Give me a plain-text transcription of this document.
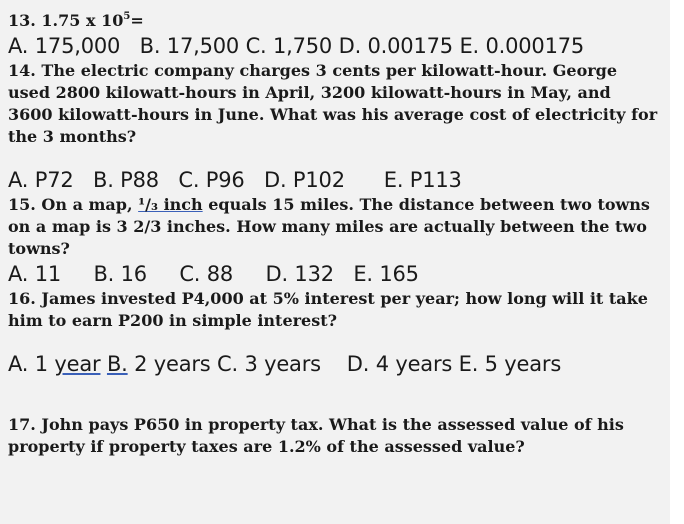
13. 1.75 x $10^5=$

A. 175,000 B. 17,500 C. 1,750 D. 0.00175 E. 0.000175

14. The electric company charges 3 cents per kilowatt-hour. George used 2800 kilowatt-hours in April, 3200 kilowatt-hours in May, and 3600 kilowatt-hours in June. What was his average cost of electricity for the 3 months?

A. P72 B. P88 C. P96 D. P102 E. P113

15. On a map, ¹/₃ inch equals 15 miles. The distance between two towns on a map is 3 2/3 inches. How many miles are actually between the two towns?

A. 11 B. 16 C. 88 D. 132 E. 165

16. James invested P4,000 at 5% interest per year; how long will it take him to earn P200 in simple interest?

A. 1 year B. 2 years C. 3 years D. 4 years E. 5 years

17. John pays P650 in property tax. What is the assessed value of his property if property taxes are 1.2% of the assessed value?
